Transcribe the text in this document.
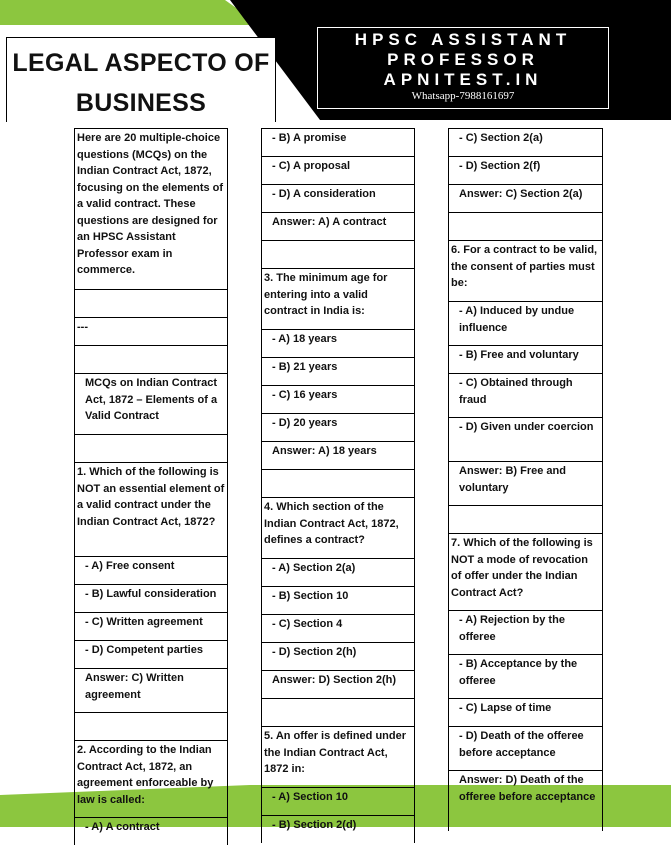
LEGAL ASPECTO OF
BUSINESS
HPSC ASSISTANT
PROFESSOR
APNITEST.IN
Whatsapp-7988161697
Here are 20 multiple-choice questions (MCQs) on the Indian Contract Act, 1872, focusing on the elements of a valid contract. These questions are designed for an HPSC Assistant Professor exam in commerce.
---
MCQs on Indian Contract Act, 1872 – Elements of a Valid Contract
1. Which of the following is NOT an essential element of a valid contract under the Indian Contract Act, 1872?
- A) Free consent
- B) Lawful consideration
- C) Written agreement
- D) Competent parties
Answer: C) Written agreement
2. According to the Indian Contract Act, 1872, an agreement enforceable by law is called:
- A) A contract
- B) A promise
- C) A proposal
- D) A consideration
Answer: A) A contract
3. The minimum age for entering into a valid contract in India is:
- A) 18 years
- B) 21 years
- C) 16 years
- D) 20 years
Answer: A) 18 years
4. Which section of the Indian Contract Act, 1872, defines a contract?
- A) Section 2(a)
- B) Section 10
- C) Section 4
- D) Section 2(h)
Answer: D) Section 2(h)
5. An offer is defined under the Indian Contract Act, 1872 in:
- A) Section 10
- B) Section 2(d)
- C) Section 2(a)
- D) Section 2(f)
Answer: C) Section 2(a)
6. For a contract to be valid, the consent of parties must be:
- A) Induced by undue influence
- B) Free and voluntary
- C) Obtained through fraud
- D) Given under coercion
Answer: B) Free and voluntary
7. Which of the following is NOT a mode of revocation of offer under the Indian Contract Act?
- A) Rejection by the offeree
- B) Acceptance by the offeree
- C) Lapse of time
- D) Death of the offeree before acceptance
Answer: D) Death of the offeree before acceptance
